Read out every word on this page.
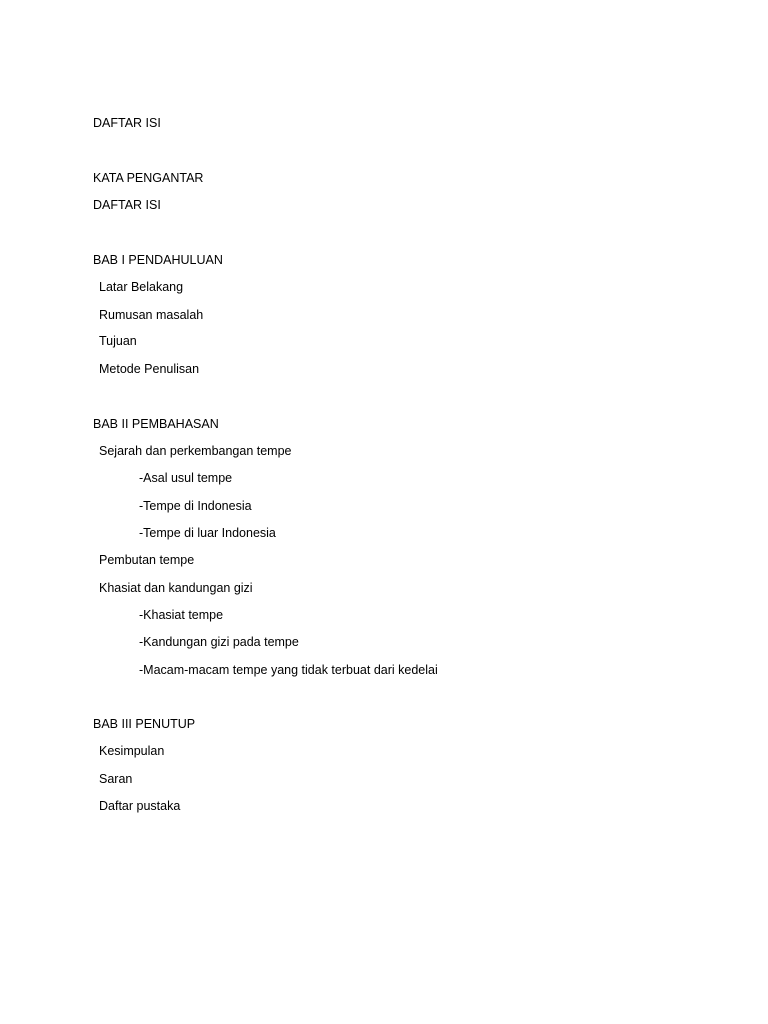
DAFTAR ISI
KATA PENGANTAR
DAFTAR ISI
BAB I PENDAHULUAN
Latar Belakang
Rumusan masalah
Tujuan
Metode Penulisan
BAB II PEMBAHASAN
Sejarah dan perkembangan tempe
-Asal usul tempe
-Tempe di Indonesia
-Tempe di luar Indonesia
Pembutan tempe
Khasiat dan kandungan gizi
-Khasiat tempe
-Kandungan gizi pada tempe
-Macam-macam tempe yang tidak terbuat dari kedelai
BAB III PENUTUP
Kesimpulan
Saran
Daftar pustaka
